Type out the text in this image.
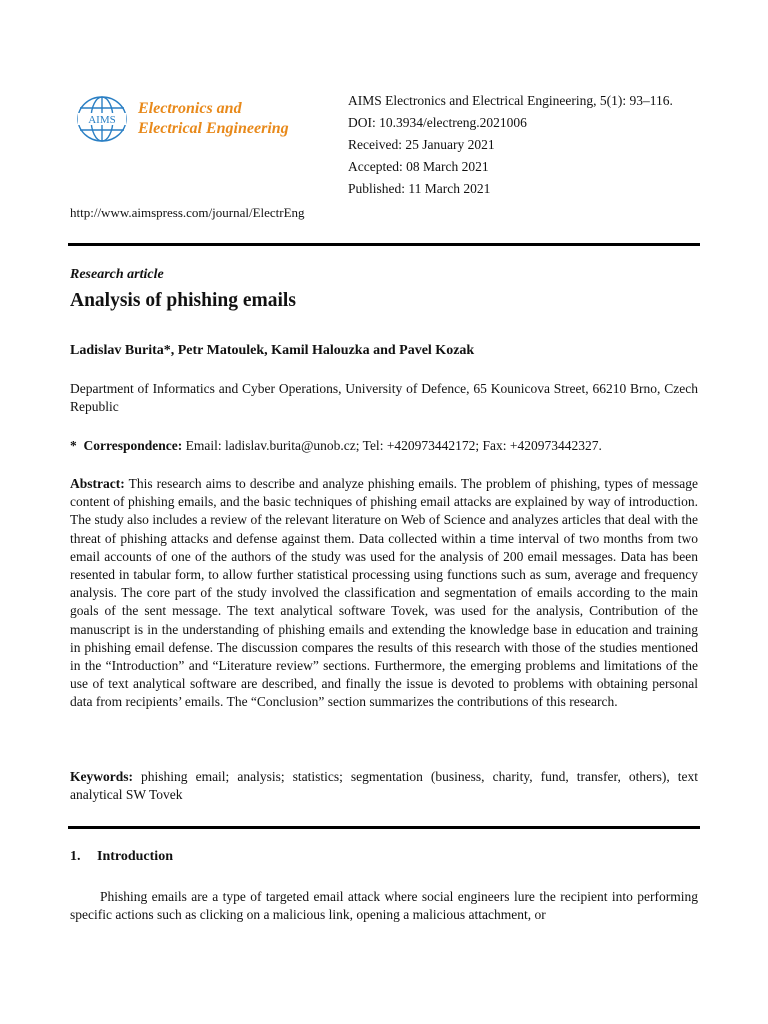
AIMS
Electronics and
Electrical Engineering
AIMS Electronics and Electrical Engineering, 5(1): 93–116.
DOI: 10.3934/electreng.2021006
Received: 25 January 2021
Accepted: 08 March 2021
Published: 11 March 2021
http://www.aimspress.com/journal/ElectrEng
Research article
Analysis of phishing emails
Ladislav Burita*, Petr Matoulek, Kamil Halouzka and Pavel Kozak
Department of Informatics and Cyber Operations, University of Defence, 65 Kounicova Street, 66210 Brno, Czech Republic
* Correspondence: Email: ladislav.burita@unob.cz; Tel: +420973442172; Fax: +420973442327.
Abstract: This research aims to describe and analyze phishing emails. The problem of phishing, types of message content of phishing emails, and the basic techniques of phishing email attacks are explained by way of introduction. The study also includes a review of the relevant literature on Web of Science and analyzes articles that deal with the threat of phishing attacks and defense against them. Data collected within a time interval of two months from two email accounts of one of the authors of the study was used for the analysis of 200 email messages. Data has been resented in tabular form, to allow further statistical processing using functions such as sum, average and frequency analysis. The core part of the study involved the classification and segmentation of emails according to the main goals of the sent message. The text analytical software Tovek, was used for the analysis, Contribution of the manuscript is in the understanding of phishing emails and extending the knowledge base in education and training in phishing email defense. The discussion compares the results of this research with those of the studies mentioned in the “Introduction” and “Literature review” sections. Furthermore, the emerging problems and limitations of the use of text analytical software are described, and finally the issue is devoted to problems with obtaining personal data from recipients’ emails. The “Conclusion” section summarizes the contributions of this research.
Keywords: phishing email; analysis; statistics; segmentation (business, charity, fund, transfer, others), text analytical SW Tovek
1. Introduction
Phishing emails are a type of targeted email attack where social engineers lure the recipient into performing specific actions such as clicking on a malicious link, opening a malicious attachment, or
